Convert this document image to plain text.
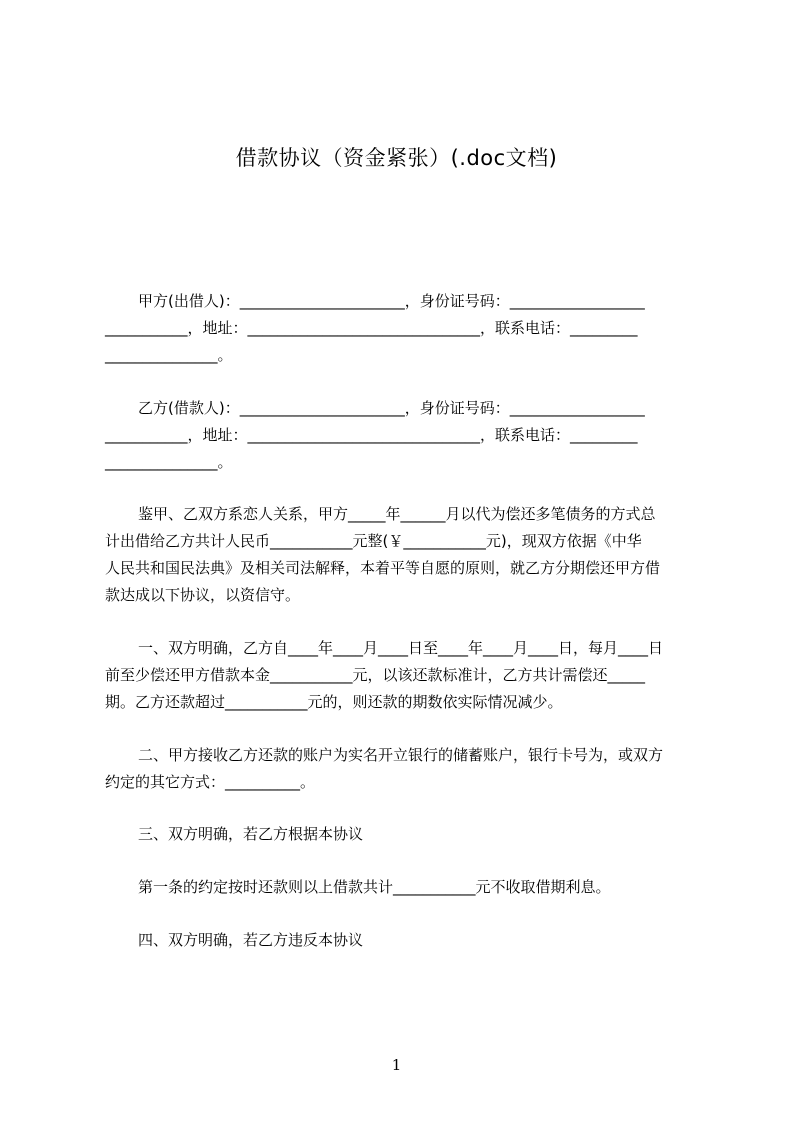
借款协议（资金紧张）(.doc文档)
甲方(出借人)：______________________，身份证号码：__________________
___________，地址：_______________________________，联系电话：_________
_______________。
乙方(借款人)：______________________，身份证号码：__________________
___________，地址：_______________________________，联系电话：_________
_______________。
鉴甲、乙双方系恋人关系，甲方_____年______月以代为偿还多笔债务的方式总
计出借给乙方共计人民币___________元整(￥___________元)，现双方依据《中华
人民共和国民法典》及相关司法解释，本着平等自愿的原则，就乙方分期偿还甲方借
款达成以下协议，以资信守。
一、双方明确，乙方自____年____月____日至____年____月____日，每月____日
前至少偿还甲方借款本金___________元，以该还款标准计，乙方共计需偿还_____
期。乙方还款超过___________元的，则还款的期数依实际情况减少。
二、甲方接收乙方还款的账户为实名开立银行的储蓄账户，银行卡号为，或双方
约定的其它方式：__________。
三、双方明确，若乙方根据本协议
第一条的约定按时还款则以上借款共计___________元不收取借期利息。
四、双方明确，若乙方违反本协议
1
